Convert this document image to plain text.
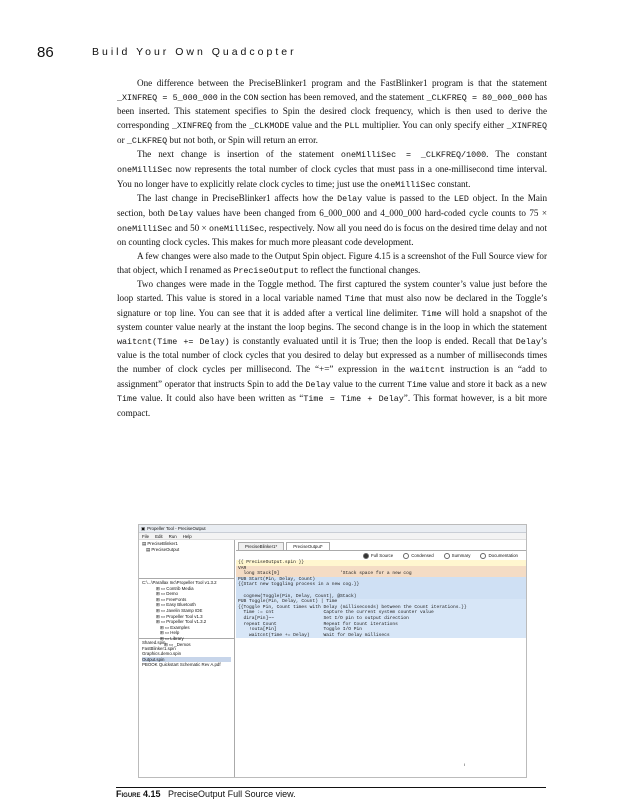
86	Build Your Own Quadcopter

One difference between the PreciseBlinker1 program and the FastBlinker1 program is that the statement _XINFREQ = 5_000_000 in the CON section has been removed, and the statement _CLKFREQ = 80_000_000 has been inserted. This statement specifies to Spin the desired clock frequency, which is then used to derive the corresponding _XINFREQ from the _CLKMODE value and the PLL multiplier. You can only specify either _XINFREQ or _CLKFREQ but not both, or Spin will return an error.

The next change is insertion of the statement oneMilliSec = _CLKFREQ/1000. The constant oneMilliSec now represents the total number of clock cycles that must pass in a one-millisecond time interval. You no longer have to explicitly relate clock cycles to time; just use the oneMilliSec constant.

The last change in PreciseBlinker1 affects how the Delay value is passed to the LED object. In the Main section, both Delay values have been changed from 6_000_000 and 4_000_000 hard-coded cycle counts to 75 × oneMilliSec and 50 × oneMilliSec, respectively. Now all you need do is focus on the desired time delay and not on counting clock cycles. This makes for much more pleasant code development.

A few changes were also made to the Output Spin object. Figure 4.15 is a screenshot of the Full Source view for that object, which I renamed as PreciseOutput to reflect the functional changes.

Two changes were made in the Toggle method. The first captured the system counter’s value just before the loop started. This value is stored in a local variable named Time that must also now be declared in the Toggle’s signature or top line. You can see that it is added after a vertical line delimiter. Time will hold a snapshot of the system counter value nearly at the instant the loop begins. The second change is in the loop in which the statement waitcnt(Time += Delay) is constantly evaluated until it is True; then the loop is ended. Recall that Delay’s value is the total number of clock cycles that you desired to delay but expressed as a number of milliseconds times the number of clock cycles per millisecond. The “+=” expression in the waitcnt instruction is an “add to assignment” operator that instructs Spin to add the Delay value to the current Time value and store it back as a new Time value. It could also have been written as “Time = Time + Delay”. This format however, is a bit more compact.

▣ Propeller Tool - PreciseOutput
File Edit Run Help
▤ PreciseBlinker1
▤ PreciseOutput
C:\...\Parallax Inc\Propeller Tool v1.3.2
⊞ ▭ Contrib Media
⊞ ▭ Demo
⊞ ▭ FreeFonts
⊞ ▭ Easy Bluetooth
⊞ ▭ Javelin Stamp IDE
⊞ ▭ Propeller Tool v1.3
⊞ ▭ Propeller Tool v1.3.2
⊞ ▭ Examples
⊞ ▭ Help
⊞ ▭ Library
⊞ ▭ _Demos
Shared.spin
FastBlinker1.spin
Graphics.demo.spin
Output.spin
PBOOK Quickstart Schematic Rev A.pdf
PreciseBlinker1*	PreciseOutput*
Full Source	Condensed	Summary	Documentation
{{ PreciseOutput.spin }}
VAR
long Stack[9]                      'Stack space for a new cog
PUB Start(Pin, Delay, Count)
{{Start new toggling process in a new cog.}}

cognew(Toggle(Pin, Delay, Count), @Stack)
PUB Toggle(Pin, Delay, Count) | Time
{{Toggle Pin, Count times with Delay (milliseconds) between the Count iterations.}}
Time := cnt                  Capture the current system counter value
dira[Pin]~~                  Set I/O pin to output direction
repeat Count                 Repeat for Count iterations
!outa[Pin]                 Toggle I/O Pin
waitcnt(Time += Delay)     Wait for Delay millisecs
I
Figure 4.15 PreciseOutput Full Source view.
